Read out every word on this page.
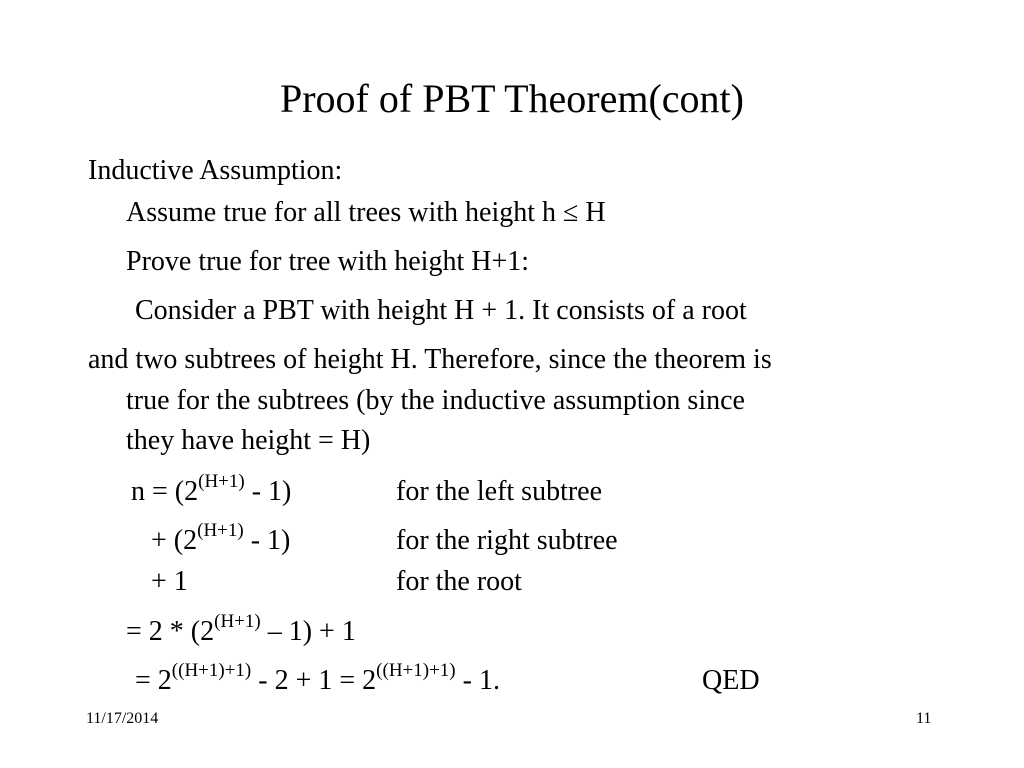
Proof of PBT Theorem(cont)
Inductive Assumption:
Assume true for all trees with height h ≤ H
Prove true for tree with height H+1:
Consider a PBT with height H + 1. It consists of a root
and two subtrees of height H. Therefore, since the theorem is
true for the subtrees (by the inductive assumption since
they have height = H)
$n = (2^{(H+1)} - 1)$	for the left subtree
+ $(2^{(H+1)} - 1)$	for the right subtree
+ 1	for the root
= $2 * (2^{(H+1)} - 1) + 1$
= $2^{((H+1)+1)} - 2 + 1 = 2^{((H+1)+1)} - 1$.	QED
11/17/2014	11
